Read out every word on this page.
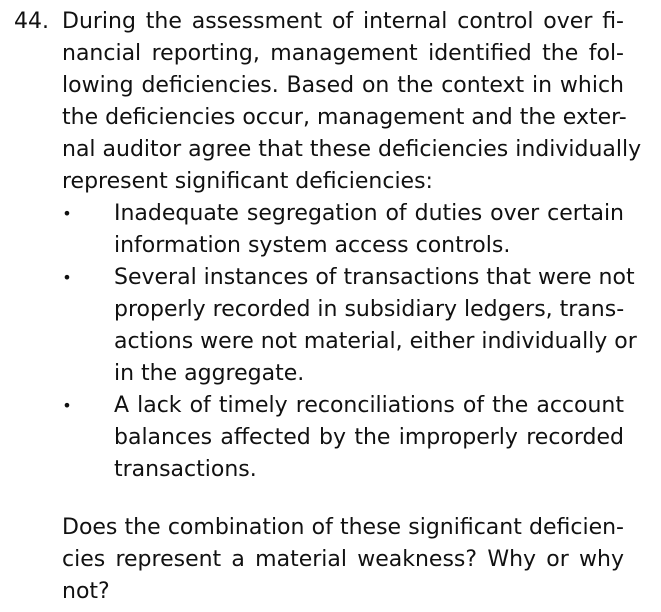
44. During the assessment of internal control over fi-
nancial reporting, management identified the fol-
lowing deficiencies. Based on the context in which
the deficiencies occur, management and the exter-
nal auditor agree that these deficiencies individually
represent significant deficiencies:
• Inadequate segregation of duties over certain
information system access controls.
• Several instances of transactions that were not
properly recorded in subsidiary ledgers, trans-
actions were not material, either individually or
in the aggregate.
• A lack of timely reconciliations of the account
balances affected by the improperly recorded
transactions.
Does the combination of these significant deficien-
cies represent a material weakness? Why or why
not?
